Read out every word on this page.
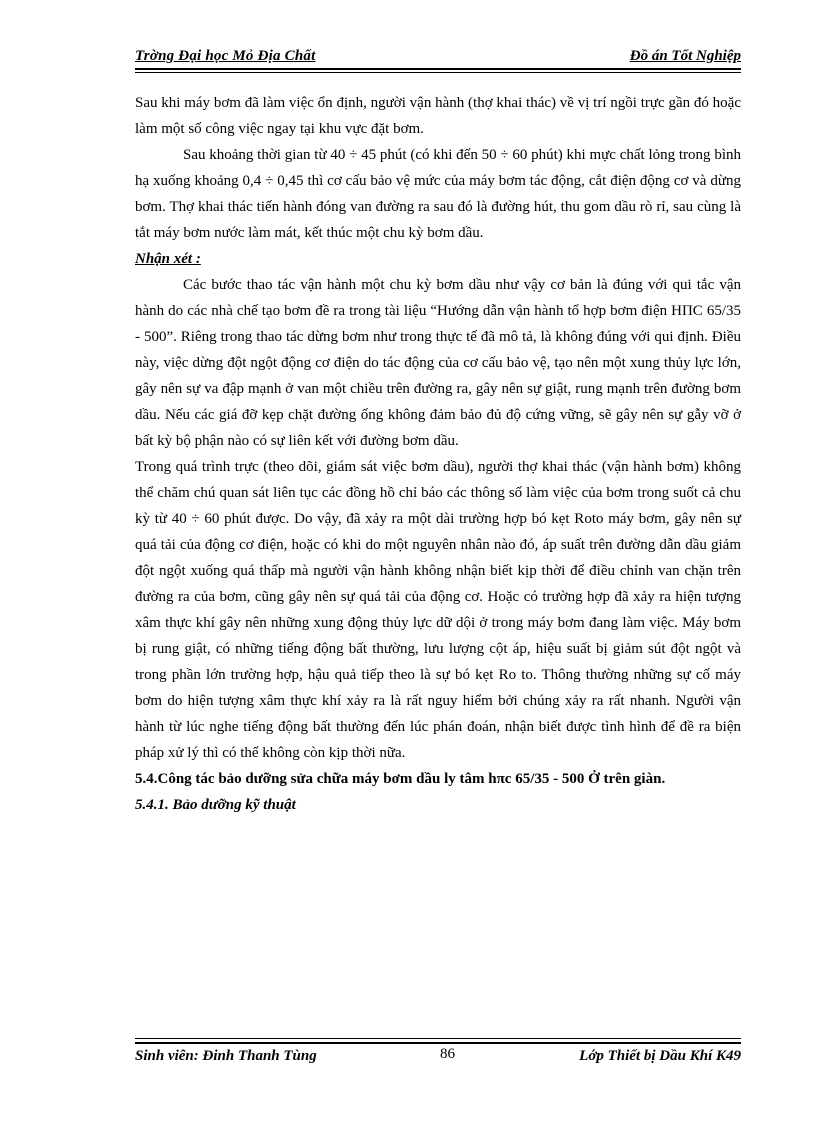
Trờng Đại học Mỏ Địa Chất	Đồ án Tốt Nghiệp

Sau khi máy bơm đã làm việc ổn định, người vận hành (thợ khai thác) về vị trí ngồi trực gần đó hoặc làm một số công việc ngay tại khu vực đặt bơm.

Sau khoảng thời gian từ 40 ÷ 45 phút (có khi đến 50 ÷ 60 phút) khi mực chất lỏng trong bình hạ xuống khoảng 0,4 ÷ 0,45 thì cơ cấu bảo vệ mức của máy bơm tác động, cắt điện động cơ và dừng bơm. Thợ khai thác tiến hành đóng van đường ra sau đó là đường hút, thu gom dầu rò rỉ, sau cùng là tắt máy bơm nước làm mát, kết thúc một chu kỳ bơm dầu.

Nhận xét :

Các bước thao tác vận hành một chu kỳ bơm dầu như vậy cơ bản là đúng với qui tắc vận hành do các nhà chế tạo bơm đề ra trong tài liệu “Hướng dẫn vận hành tổ hợp bơm điện HПC 65/35 - 500”. Riêng trong thao tác dừng bơm như trong thực tế đã mô tả, là không đúng với qui định. Điều này, việc dừng đột ngột động cơ điện do tác động của cơ cấu bảo vệ, tạo nên một xung thủy lực lớn, gây nên sự va đập mạnh ở van một chiều trên đường ra, gây nên sự giật, rung mạnh trên đường bơm dầu. Nếu các giá đỡ kẹp chặt đường ống không đảm bảo đủ độ cứng vững, sẽ gây nên sự gẫy vỡ ở bất kỳ bộ phận nào có sự liên kết với đường bơm dầu.

Trong quá trình trực (theo dõi, giám sát việc bơm dầu), người thợ khai thác (vận hành bơm) không thể chăm chú quan sát liên tục các đồng hồ chỉ báo các thông số làm việc của bơm trong suốt cả chu kỳ từ 40 ÷ 60 phút được. Do vậy, đã xảy ra một dài trường hợp bó kẹt Roto máy bơm, gây nên sự quá tải của động cơ điện, hoặc có khi do một nguyên nhân nào đó, áp suất trên đường dẫn dầu giảm đột ngột xuống quá thấp mà người vận hành không nhận biết kịp thời để điều chỉnh van chặn trên đường ra của bơm, cũng gây nên sự quá tải của động cơ. Hoặc có trường hợp đã xảy ra hiện tượng xâm thực khí gây nên những xung động thủy lực dữ dội ở trong máy bơm đang làm việc. Máy bơm bị rung giật, có những tiếng động bất thường, lưu lượng cột áp, hiệu suất bị giảm sút đột ngột và trong phần lớn trường hợp, hậu quả tiếp theo là sự bó kẹt Ro to. Thông thường những sự cố máy bơm do hiện tượng xâm thực khí xảy ra là rất nguy hiểm bởi chúng xảy ra rất nhanh. Người vận hành từ lúc nghe tiếng động bất thường đến lúc phán đoán, nhận biết được tình hình để đề ra biện pháp xử lý thì có thể không còn kịp thời nữa.

5.4.Công tác bảo dưỡng sửa chữa máy bơm dầu ly tâm hπc 65/35 - 500 Ở trên giàn.

5.4.1. Bảo dưỡng kỹ thuật

Sinh viên: Đinh Thanh Tùng	86	Lớp Thiết bị Dầu Khí K49
